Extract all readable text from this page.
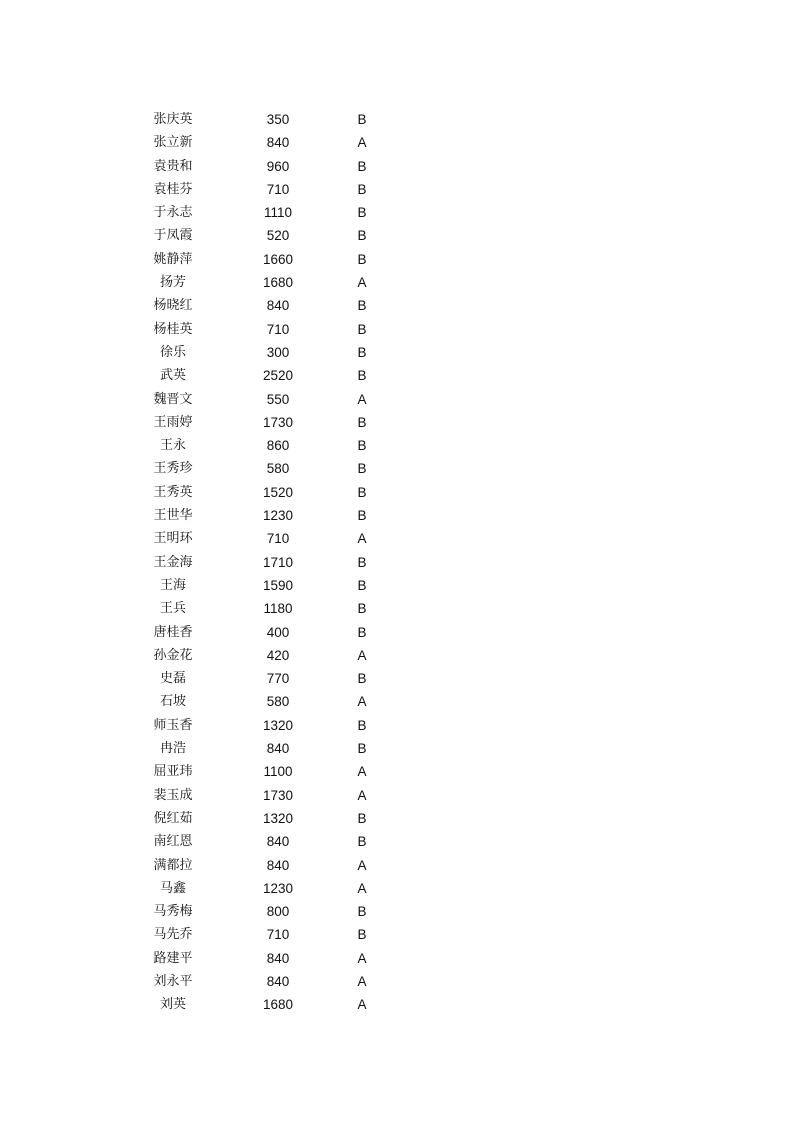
张庆英	350	B
张立新	840	A
袁贵和	960	B
袁桂芬	710	B
于永志	1110	B
于凤霞	520	B
姚静萍	1660	B
扬芳	1680	A
杨晓红	840	B
杨桂英	710	B
徐乐	300	B
武英	2520	B
魏晋文	550	A
王雨婷	1730	B
王永	860	B
王秀珍	580	B
王秀英	1520	B
王世华	1230	B
王明环	710	A
王金海	1710	B
王海	1590	B
王兵	1180	B
唐桂香	400	B
孙金花	420	A
史磊	770	B
石坡	580	A
师玉香	1320	B
冉浩	840	B
屈亚玮	1100	A
裴玉成	1730	A
倪红茹	1320	B
南红恩	840	B
满都拉	840	A
马鑫	1230	A
马秀梅	800	B
马先乔	710	B
路建平	840	A
刘永平	840	A
刘英	1680	A
